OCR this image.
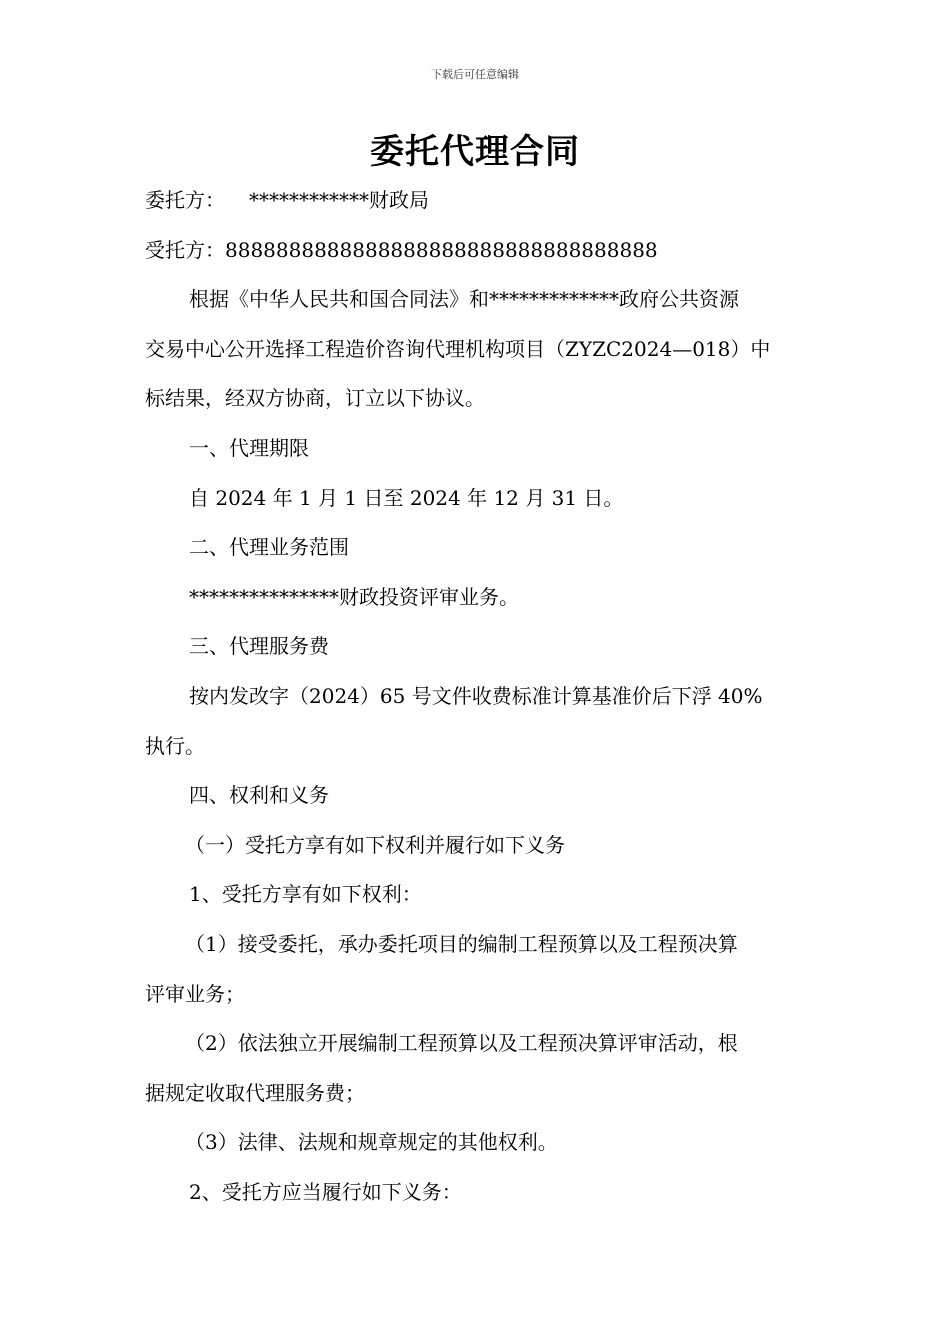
下载后可任意编辑
委托代理合同
委托方： ************财政局
受托方：8888888888888888888888888888888888
根据《中华人民共和国合同法》和*************政府公共资源
交易中心公开选择工程造价咨询代理机构项目（ZYZC2024—018）中
标结果，经双方协商，订立以下协议。
一、代理期限
自 2024 年 1 月 1 日至 2024 年 12 月 31 日。
二、代理业务范围
***************财政投资评审业务。
三、代理服务费
按内发改字（2024）65 号文件收费标准计算基准价后下浮 40%
执行。
四、权利和义务
（一）受托方享有如下权利并履行如下义务
1、受托方享有如下权利：
（1）接受委托，承办委托项目的编制工程预算以及工程预决算
评审业务；
（2）依法独立开展编制工程预算以及工程预决算评审活动，根
据规定收取代理服务费；
（3）法律、法规和规章规定的其他权利。
2、受托方应当履行如下义务：
